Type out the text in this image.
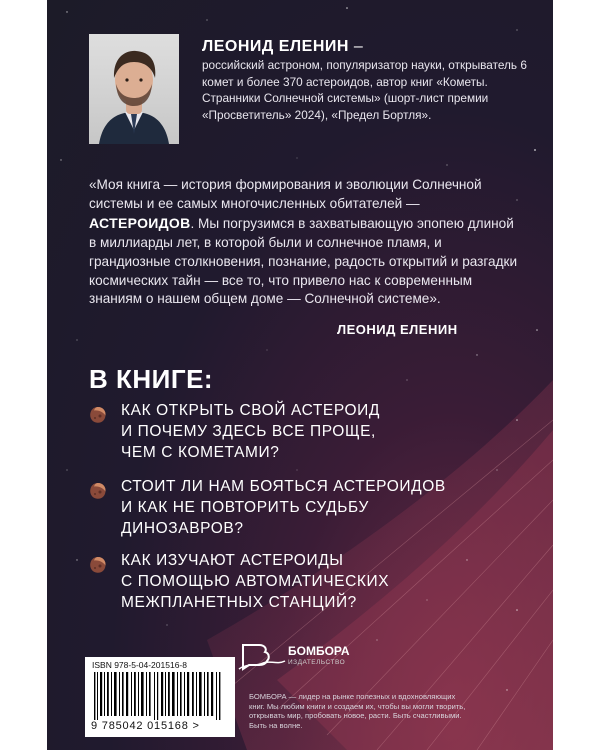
ЛЕОНИД ЕЛЕНИН –
российский астроном, популяризатор науки, открыватель 6 комет и более 370 астероидов, автор книг «Кометы. Странники Солнечной системы» (шорт-лист премии «Просветитель» 2024), «Предел Бортля».
«Моя книга — история формирования и эволюции Солнечной системы и ее самых многочисленных обитателей — АСТЕРОИДОВ. Мы погрузимся в захватывающую эпопею длиной в миллиарды лет, в которой были и солнечное пламя, и грандиозные столкновения, познание, радость открытий и разгадки космических тайн — все то, что привело нас к современным знаниям о нашем общем доме — Солнечной системе».
ЛЕОНИД ЕЛЕНИН
В КНИГЕ:
КАК ОТКРЫТЬ СВОЙ АСТЕРОИД
И ПОЧЕМУ ЗДЕСЬ ВСЕ ПРОЩЕ,
ЧЕМ С КОМЕТАМИ?
СТОИТ ЛИ НАМ БОЯТЬСЯ АСТЕРОИДОВ
И КАК НЕ ПОВТОРИТЬ СУДЬБУ
ДИНОЗАВРОВ?
КАК ИЗУЧАЮТ АСТЕРОИДЫ
С ПОМОЩЬЮ АВТОМАТИЧЕСКИХ
МЕЖПЛАНЕТНЫХ СТАНЦИЙ?
ISBN 978-5-04-201516-8
9 785042 015168 >
БОМБОРА
ИЗДАТЕЛЬСТВО
БОМБОРА — лидер на рынке полезных и вдохновляющих книг. Мы любим книги и создаем их, чтобы вы могли творить, открывать мир, пробовать новое, расти. Быть счастливыми. Быть на волне.
